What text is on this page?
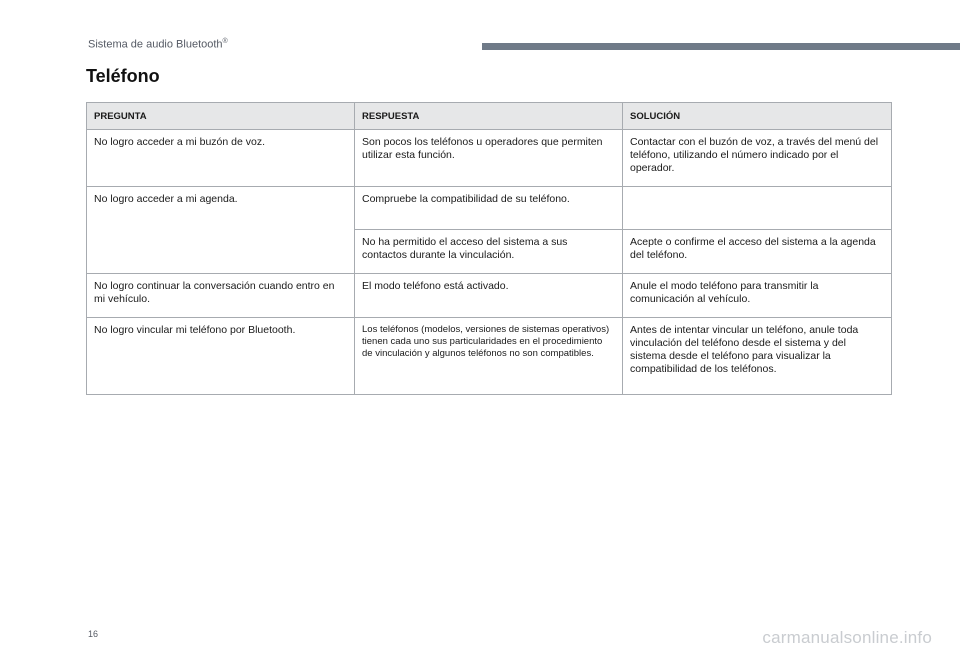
Sistema de audio Bluetooth®
Teléfono
PREGUNTA	RESPUESTA	SOLUCIÓN
No logro acceder a mi buzón de voz.	Son pocos los teléfonos u operadores que permiten utilizar esta función.	Contactar con el buzón de voz, a través del menú del teléfono, utilizando el número indicado por el operador.
No logro acceder a mi agenda.	Compruebe la compatibilidad de su teléfono.	
	No ha permitido el acceso del sistema a sus contactos durante la vinculación.	Acepte o confirme el acceso del sistema a la agenda del teléfono.
No logro continuar la conversación cuando entro en mi vehículo.	El modo teléfono está activado.	Anule el modo teléfono para transmitir la comunicación al vehículo.
No logro vincular mi teléfono por Bluetooth.	Los teléfonos (modelos, versiones de sistemas operativos) tienen cada uno sus particularidades en el procedimiento de vinculación y algunos teléfonos no son compatibles.	Antes de intentar vincular un teléfono, anule toda vinculación del teléfono desde el sistema y del sistema desde el teléfono para visualizar la compatibilidad de los teléfonos.
16	carmanualsonline.info
